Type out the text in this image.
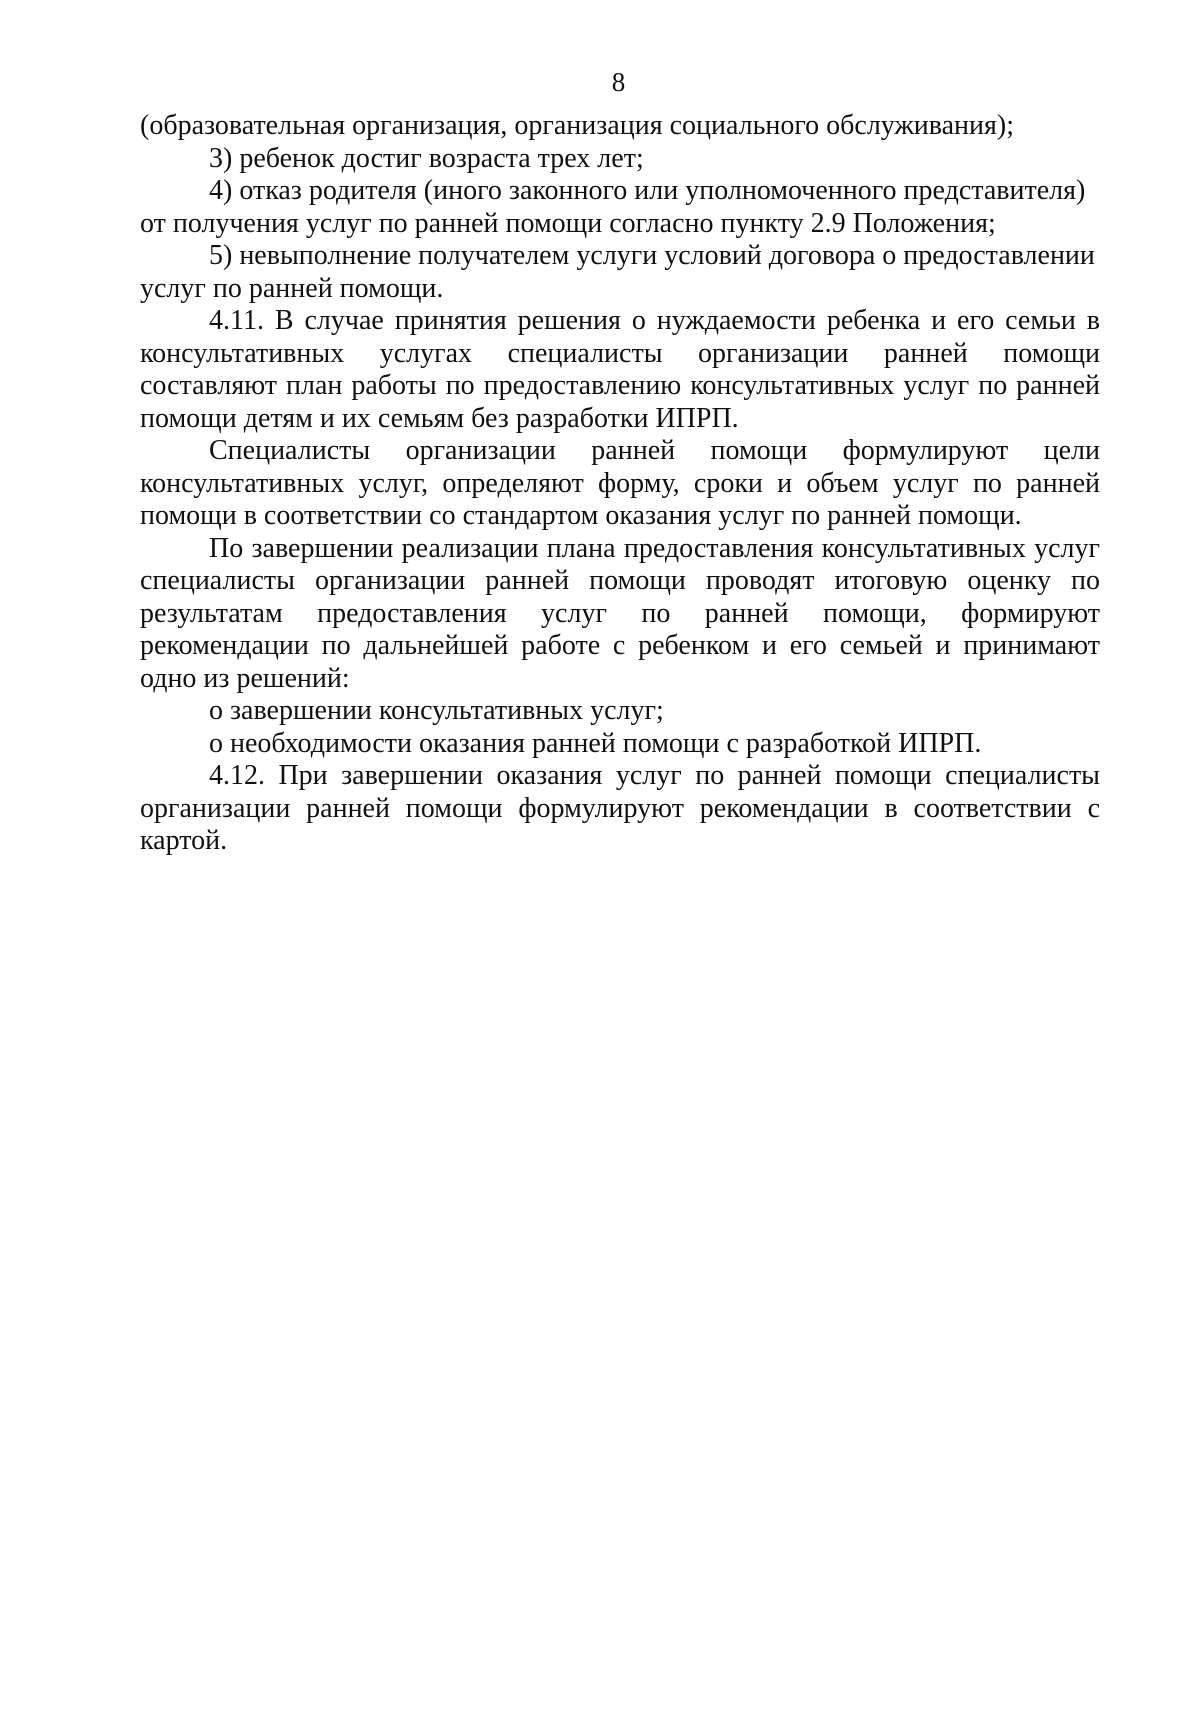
8

(образовательная организация, организация социального обслуживания);

3) ребенок достиг возраста трех лет;

4) отказ родителя (иного законного или уполномоченного представителя) от получения услуг по ранней помощи согласно пункту 2.9 Положения;

5) невыполнение получателем услуги условий договора о предоставлении услуг по ранней помощи.

4.11. В случае принятия решения о нуждаемости ребенка и его семьи в консультативных услугах специалисты организации ранней помощи составляют план работы по предоставлению консультативных услуг по ранней помощи детям и их семьям без разработки ИПРП.

Специалисты организации ранней помощи формулируют цели консультативных услуг, определяют форму, сроки и объем услуг по ранней помощи в соответствии со стандартом оказания услуг по ранней помощи.

По завершении реализации плана предоставления консультативных услуг специалисты организации ранней помощи проводят итоговую оценку по результатам предоставления услуг по ранней помощи, формируют рекомендации по дальнейшей работе с ребенком и его семьей и принимают одно из решений:

о завершении консультативных услуг;

о необходимости оказания ранней помощи с разработкой ИПРП.

4.12. При завершении оказания услуг по ранней помощи специалисты организации ранней помощи формулируют рекомендации в соответствии с картой.
